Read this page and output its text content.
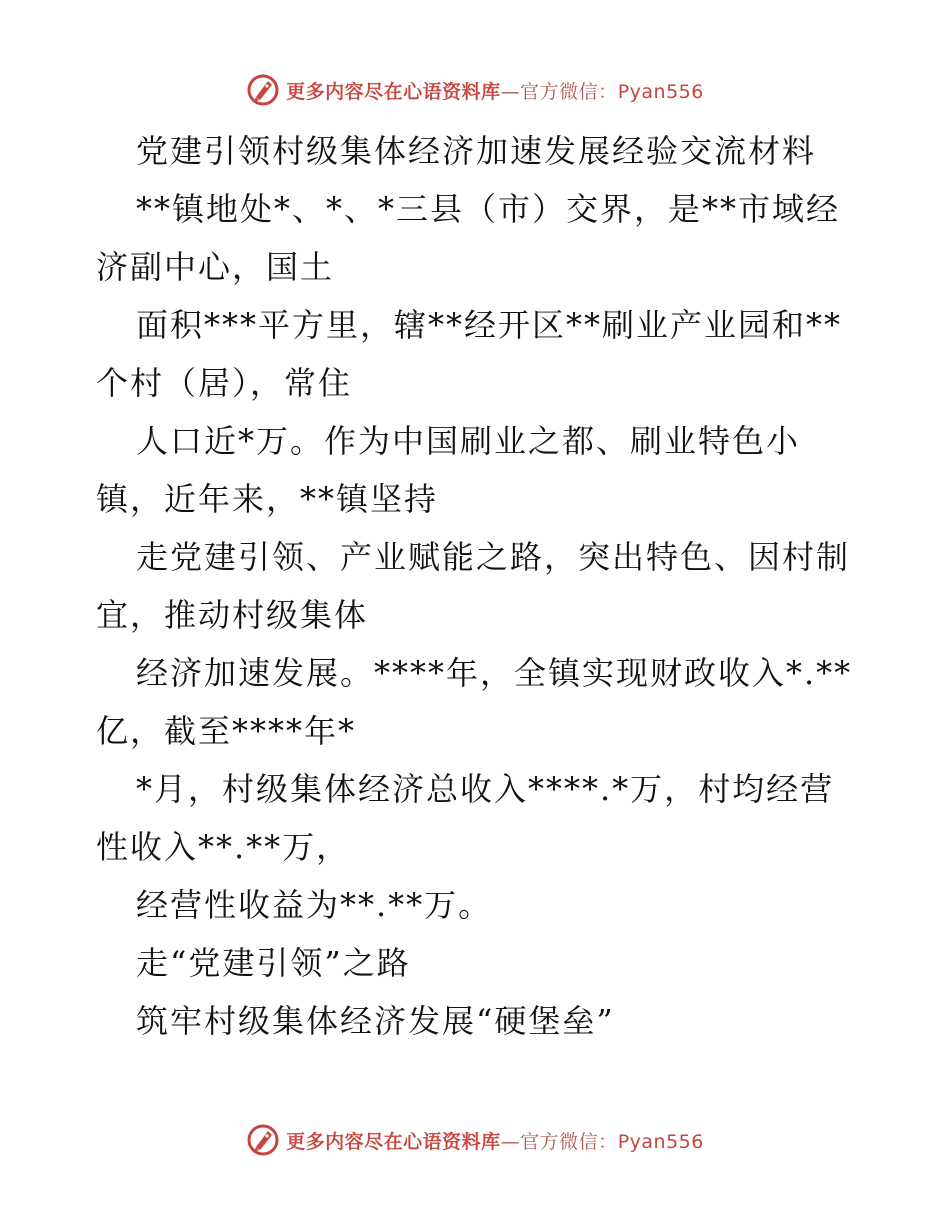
更多内容尽在心语资料库—官方微信：Pyan556
党建引领村级集体经济加速发展经验交流材料
**镇地处*、*、*三县（市）交界，是**市域经
济副中心，国土
面积***平方里，辖**经开区**刷业产业园和**
个村（居），常住
人口近*万。作为中国刷业之都、刷业特色小
镇，近年来，**镇坚持
走党建引领、产业赋能之路，突出特色、因村制
宜，推动村级集体
经济加速发展。****年，全镇实现财政收入*.**
亿，截至****年*
*月，村级集体经济总收入****.*万，村均经营
性收入**.**万，
经营性收益为**.**万。
走“党建引领”之路
筑牢村级集体经济发展“硬堡垒”
更多内容尽在心语资料库—官方微信：Pyan556
